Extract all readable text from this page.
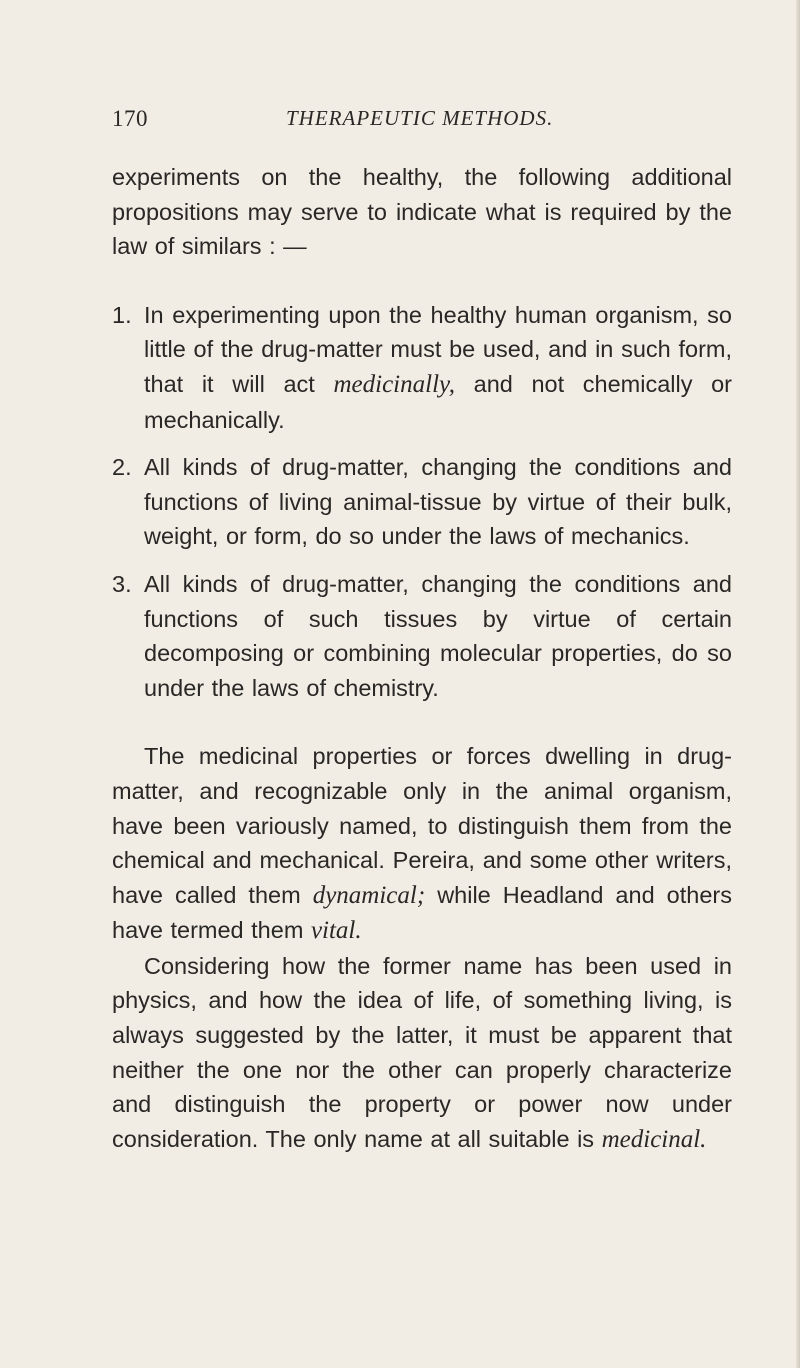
170	THERAPEUTIC METHODS.

experiments on the healthy, the following additional propositions may serve to indicate what is required by the law of similars : —

1. In experimenting upon the healthy human organism, so little of the drug-matter must be used, and in such form, that it will act medicinally, and not chemically or mechanically.

2. All kinds of drug-matter, changing the conditions and functions of living animal-tissue by virtue of their bulk, weight, or form, do so under the laws of mechanics.

3. All kinds of drug-matter, changing the conditions and functions of such tissues by virtue of certain decomposing or combining molecular properties, do so under the laws of chemistry.

The medicinal properties or forces dwelling in drug-matter, and recognizable only in the animal organism, have been variously named, to distinguish them from the chemical and mechanical. Pereira, and some other writers, have called them dynamical; while Headland and others have termed them vital.

Considering how the former name has been used in physics, and how the idea of life, of something living, is always suggested by the latter, it must be apparent that neither the one nor the other can properly characterize and distinguish the property or power now under consideration. The only name at all suitable is medicinal.
